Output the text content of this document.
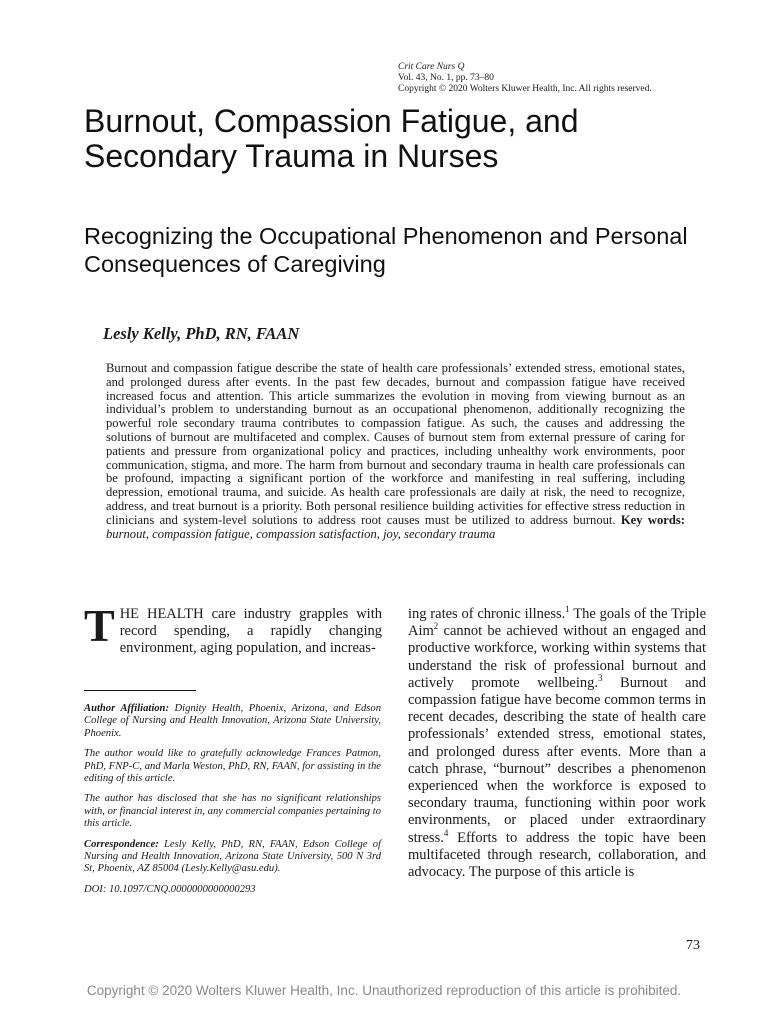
Crit Care Nurs Q
Vol. 43, No. 1, pp. 73–80
Copyright © 2020 Wolters Kluwer Health, Inc. All rights reserved.
Burnout, Compassion Fatigue, and Secondary Trauma in Nurses
Recognizing the Occupational Phenomenon and Personal Consequences of Caregiving
Lesly Kelly, PhD, RN, FAAN

Burnout and compassion fatigue describe the state of health care professionals’ extended stress, emotional states, and prolonged duress after events. In the past few decades, burnout and compassion fatigue have received increased focus and attention. This article summarizes the evolution in moving from viewing burnout as an individual’s problem to understanding burnout as an occupational phenomenon, additionally recognizing the powerful role secondary trauma contributes to compassion fatigue. As such, the causes and addressing the solutions of burnout are multifaceted and complex. Causes of burnout stem from external pressure of caring for patients and pressure from organizational policy and practices, including unhealthy work environments, poor communication, stigma, and more. The harm from burnout and secondary trauma in health care professionals can be profound, impacting a significant portion of the workforce and manifesting in real suffering, including depression, emotional trauma, and suicide. As health care professionals are daily at risk, the need to recognize, address, and treat burnout is a priority. Both personal resilience building activities for effective stress reduction in clinicians and system-level solutions to address root causes must be utilized to address burnout. Key words: burnout, compassion fatigue, compassion satisfaction, joy, secondary trauma

THE HEALTH care industry grapples with record spending, a rapidly changing environment, aging population, and increas-

ing rates of chronic illness.$^1$ The goals of the Triple Aim$^2$ cannot be achieved without an engaged and productive workforce, working within systems that understand the risk of professional burnout and actively promote wellbeing.$^3$ Burnout and compassion fatigue have become common terms in recent decades, describing the state of health care professionals’ extended stress, emotional states, and prolonged duress after events. More than a catch phrase, “burnout” describes a phenomenon experienced when the workforce is exposed to secondary trauma, functioning within poor work environments, or placed under extraordinary stress.$^4$ Efforts to address the topic have been multifaceted through research, collaboration, and advocacy. The purpose of this article is

Author Affiliation: Dignity Health, Phoenix, Arizona, and Edson College of Nursing and Health Innovation, Arizona State University, Phoenix.

The author would like to gratefully acknowledge Frances Patmon, PhD, FNP-C, and Marla Weston, PhD, RN, FAAN, for assisting in the editing of this article.

The author has disclosed that she has no significant relationships with, or financial interest in, any commercial companies pertaining to this article.

Correspondence: Lesly Kelly, PhD, RN, FAAN, Edson College of Nursing and Health Innovation, Arizona State University, 500 N 3rd St, Phoenix, AZ 85004 (Lesly.Kelly@asu.edu).

DOI: 10.1097/CNQ.0000000000000293

73
Copyright © 2020 Wolters Kluwer Health, Inc. Unauthorized reproduction of this article is prohibited.
